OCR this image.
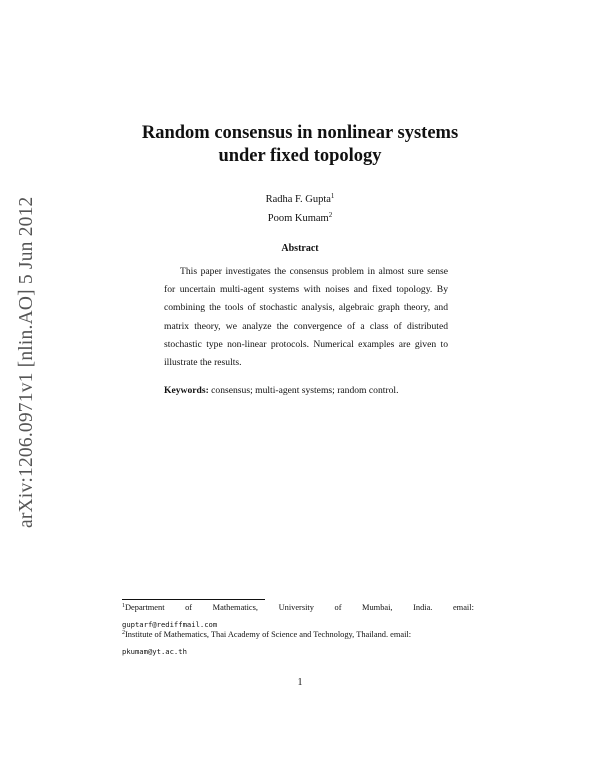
arXiv:1206.0971v1 [nlin.AO] 5 Jun 2012
Random consensus in nonlinear systems
under fixed topology
Radha F. Gupta$^1$
Poom Kumam$^2$
Abstract

This paper investigates the consensus problem in almost sure sense for uncertain multi-agent systems with noises and fixed topology. By combining the tools of stochastic analysis, algebraic graph theory, and matrix theory, we analyze the convergence of a class of distributed stochastic type non-linear protocols. Numerical examples are given to illustrate the results.

Keywords: consensus; multi-agent systems; random control.
$^1$Department of Mathematics, University of Mumbai, India. email:
guptarf@rediffmail.com
$^2$Institute of Mathematics, Thai Academy of Science and Technology, Thailand. email:
pkumam@yt.ac.th
1
